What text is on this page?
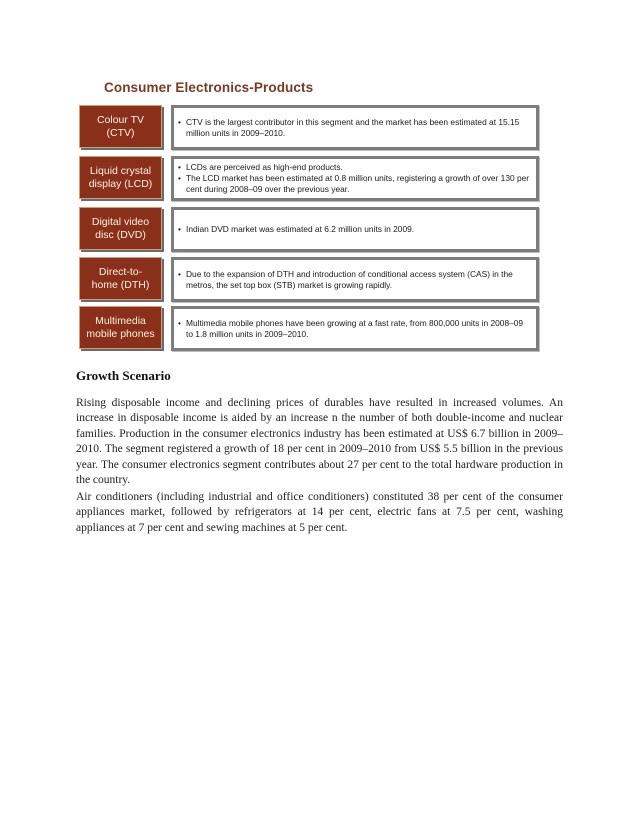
Consumer Electronics-Products
Colour TV
(CTV)
• CTV is the largest contributor in this segment and the market has been estimated at 15.15 million units in 2009–2010.
Liquid crystal
display (LCD)
• LCDs are perceived as high-end products.
• The LCD market has been estimated at 0.8 million units, registering a growth of over 130 per cent during 2008–09 over the previous year.
Digital video
disc (DVD)	• Indian DVD market was estimated at 6.2 million units in 2009.
Direct-to-
home (DTH)
• Due to the expansion of DTH and introduction of conditional access system (CAS) in the metros, the set top box (STB) market is growing rapidly.
Multimedia
mobile phones
• Multimedia mobile phones have been growing at a fast rate, from 800,000 units in 2008–09 to 1.8 million units in 2009–2010.
Growth Scenario

Rising disposable income and declining prices of durables have resulted in increased volumes. An increase in disposable income is aided by an increase n the number of both double-income and nuclear families. Production in the consumer electronics industry has been estimated at US$ 6.7 billion in 2009–2010. The segment registered a growth of 18 per cent in 2009–2010 from US$ 5.5 billion in the previous year. The consumer electronics segment contributes about 27 per cent to the total hardware production in the country.

Air conditioners (including industrial and office conditioners) constituted 38 per cent of the consumer appliances market, followed by refrigerators at 14 per cent, electric fans at 7.5 per cent, washing appliances at 7 per cent and sewing machines at 5 per cent.
